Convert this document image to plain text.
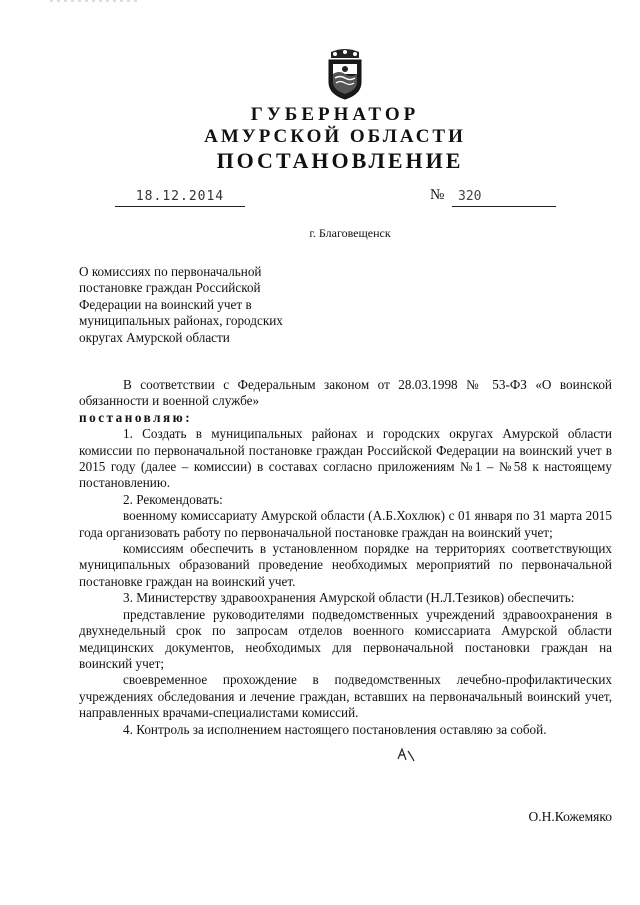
ГУБЕРНАТОР
АМУРСКОЙ ОБЛАСТИ
ПОСТАНОВЛЕНИЕ
18.12.2014	№	320
г. Благовещенск
О комиссиях по первоначальной постановке граждан Российской Федерации на воинский учет в муниципальных районах, городских округах Амурской области

В соответствии с Федеральным законом от 28.03.1998 № 53-ФЗ «О воинской обязанности и военной службе»

постановляю:

1. Создать в муниципальных районах и городских округах Амурской области комиссии по первоначальной постановке граждан Российской Федерации на воинский учет в 2015 году (далее – комиссии) в составах согласно приложениям №1 – №58 к настоящему постановлению.

2. Рекомендовать:

военному комиссариату Амурской области (А.Б.Хохлюк) с 01 января по 31 марта 2015 года организовать работу по первоначальной постановке граждан на воинский учет;

комиссиям обеспечить в установленном порядке на территориях соответствующих муниципальных образований проведение необходимых мероприятий по первоначальной постановке граждан на воинский учет.

3. Министерству здравоохранения Амурской области (Н.Л.Тезиков) обеспечить:

представление руководителями подведомственных учреждений здравоохранения в двухнедельный срок по запросам отделов военного комиссариата Амурской области медицинских документов, необходимых для первоначальной постановки граждан на воинский учет;

своевременное прохождение в подведомственных лечебно-профилактических учреждениях обследования и лечение граждан, вставших на первоначальный воинский учет, направленных врачами-специалистами комиссий.

4. Контроль за исполнением настоящего постановления оставляю за собой.

О.Н.Кожемяко
